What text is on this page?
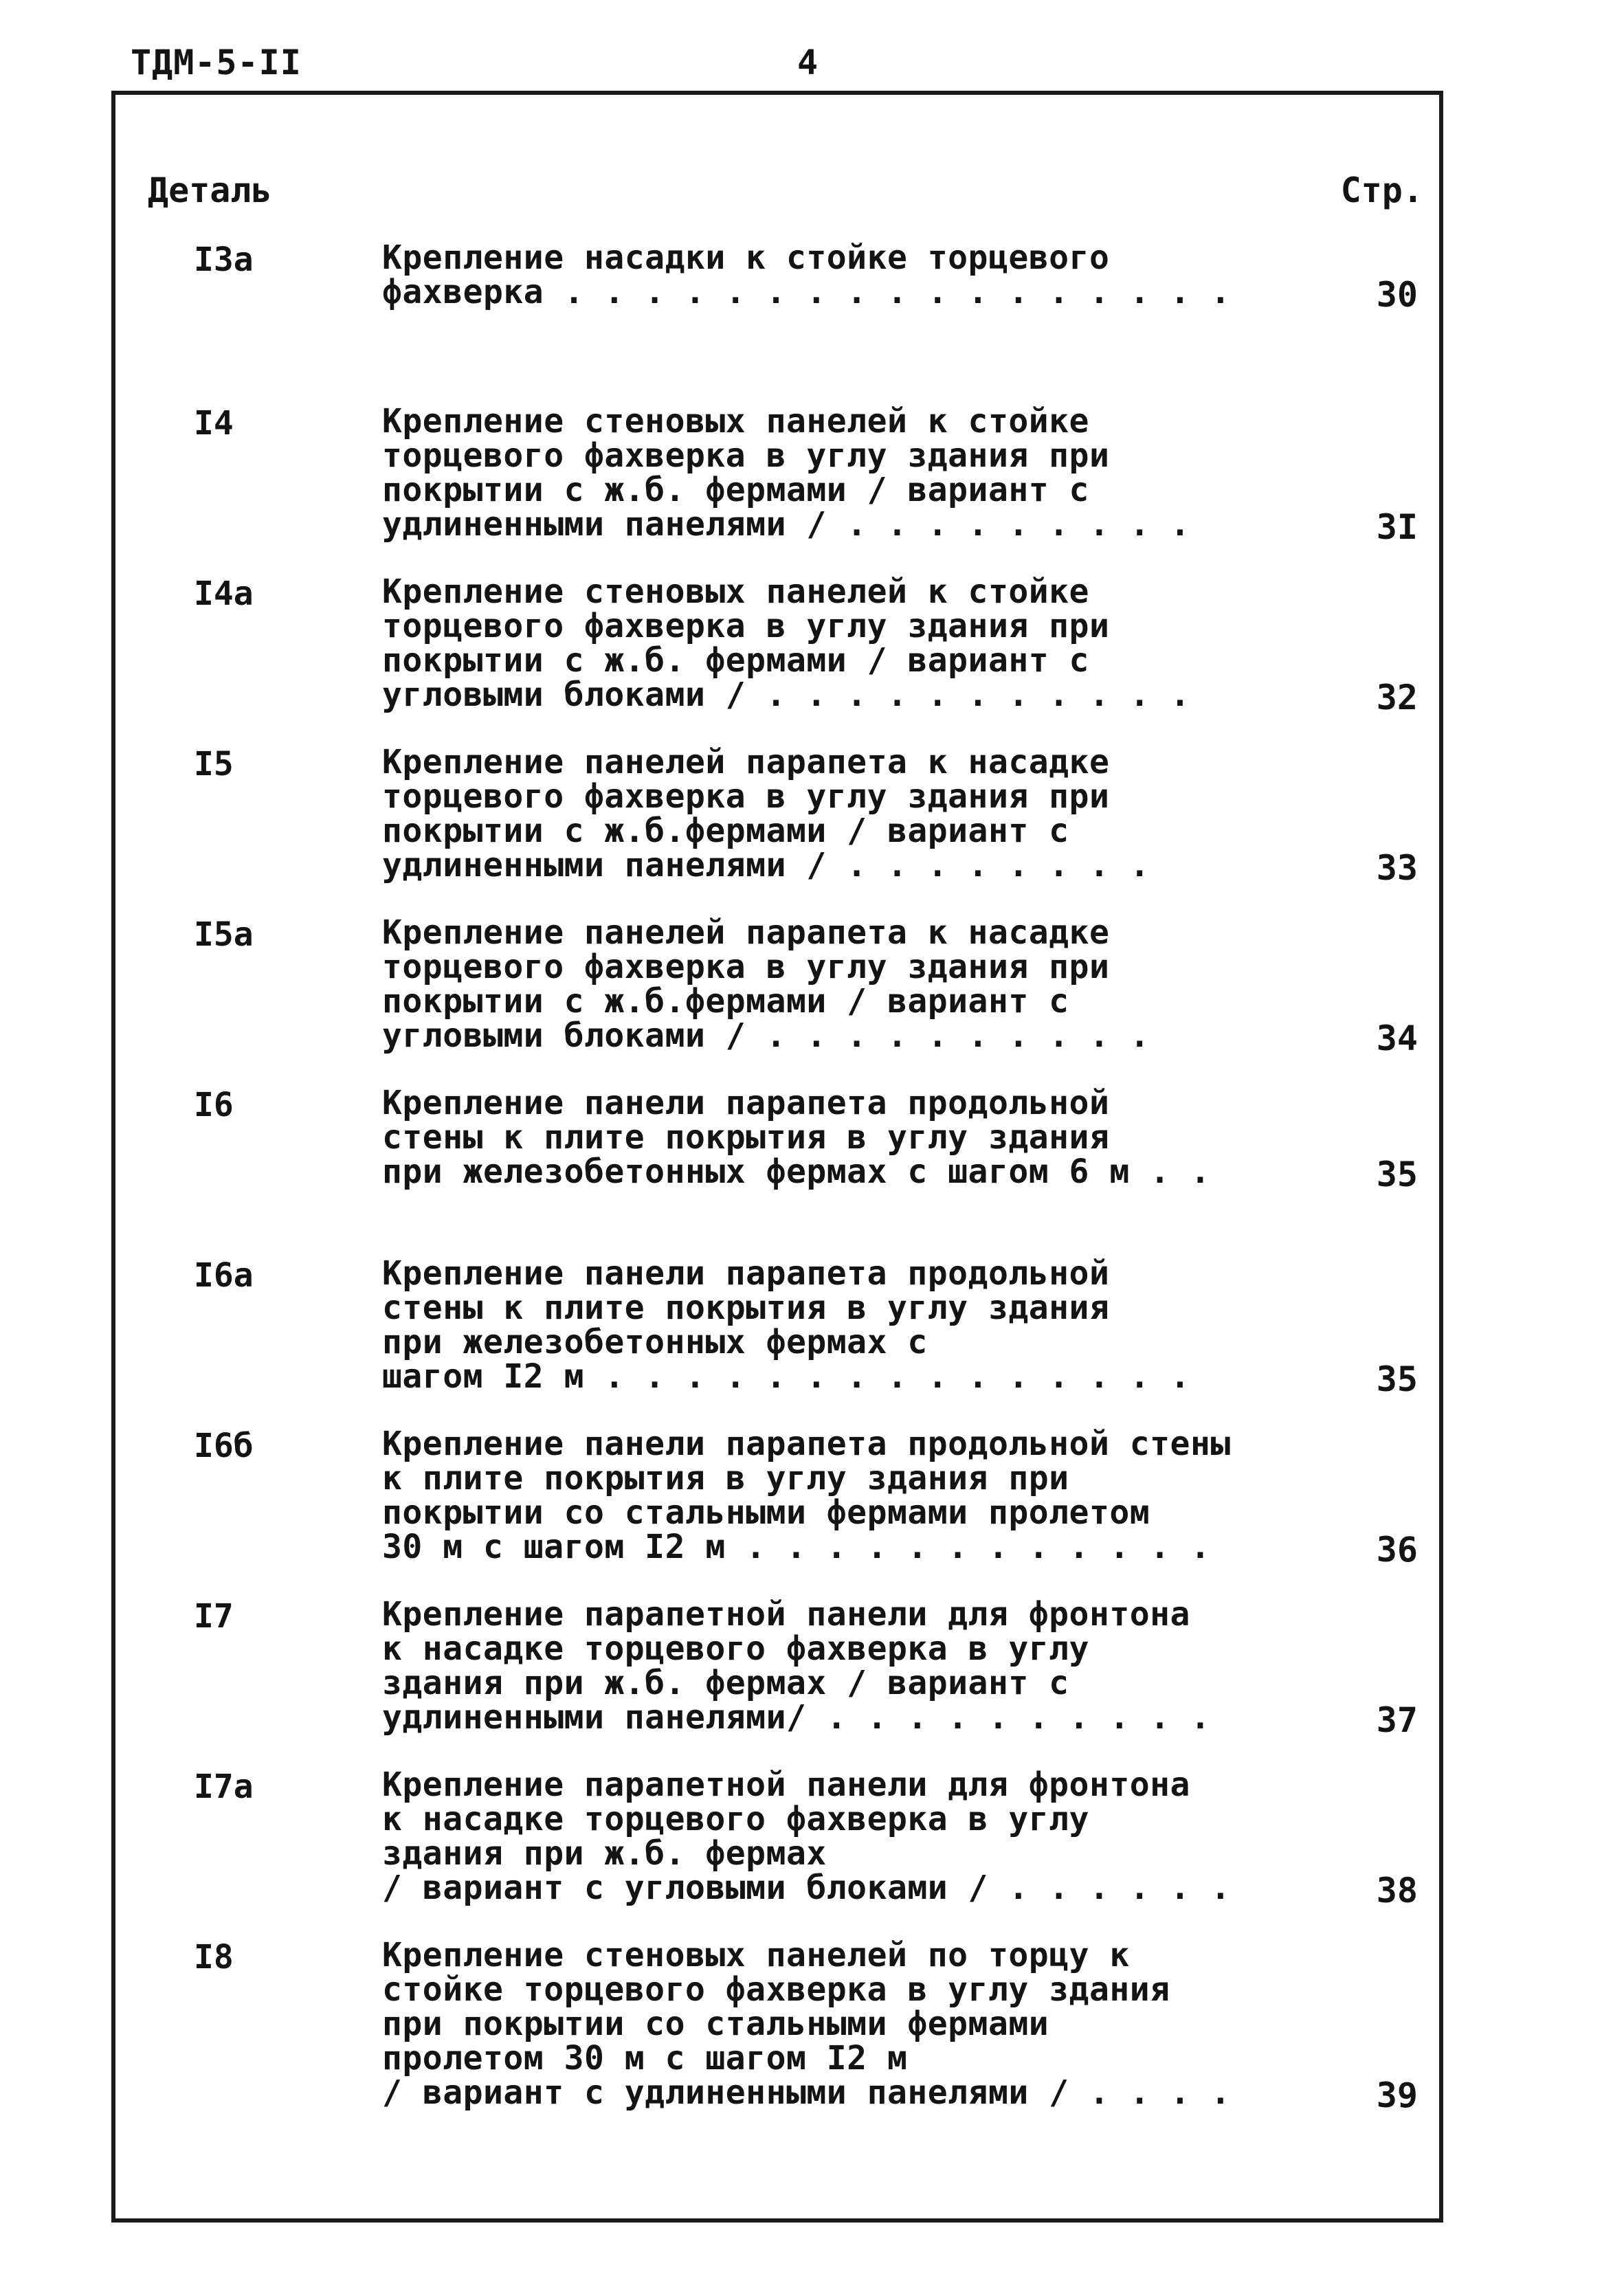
ТДМ-5-II	4
Деталь	Стр.
I3a	Крепление насадки к стойке торцевого
фахверка . . . . . . . . . . . . . . . . .	30
I4	Крепление стеновых панелей к стойке
торцевого фахверка в углу здания при
покрытии с ж.б. фермами / вариант с
удлиненными панелями / . . . . . . . . .	3I
I4a	Крепление стеновых панелей к стойке
торцевого фахверка в углу здания при
покрытии с ж.б. фермами / вариант с
угловыми блоками / . . . . . . . . . . .	32
I5	Крепление панелей парапета к насадке
торцевого фахверка в углу здания при
покрытии с ж.б.фермами / вариант с
удлиненными панелями / . . . . . . . .	33
I5a	Крепление панелей парапета к насадке
торцевого фахверка в углу здания при
покрытии с ж.б.фермами / вариант с
угловыми блоками / . . . . . . . . . .	34
I6	Крепление панели парапета продольной
стены к плите покрытия в углу здания
при железобетонных фермах с шагом 6 м . .	35
I6a	Крепление панели парапета продольной
стены к плите покрытия в углу здания
при железобетонных фермах с
шагом I2 м . . . . . . . . . . . . . . .	35
I6б	Крепление панели парапета продольной стены
к плите покрытия в углу здания при
покрытии со стальными фермами пролетом
30 м с шагом I2 м . . . . . . . . . . . .	36
I7	Крепление парапетной панели для фронтона
к насадке торцевого фахверка в углу
здания при ж.б. фермах / вариант с
удлиненными панелями/ . . . . . . . . . .	37
I7a	Крепление парапетной панели для фронтона
к насадке торцевого фахверка в углу
здания при ж.б. фермах
/ вариант с угловыми блоками / . . . . . .	38
I8	Крепление стеновых панелей по торцу к
стойке торцевого фахверка в углу здания
при покрытии со стальными фермами
пролетом 30 м с шагом I2 м
/ вариант с удлиненными панелями / . . . .	39
